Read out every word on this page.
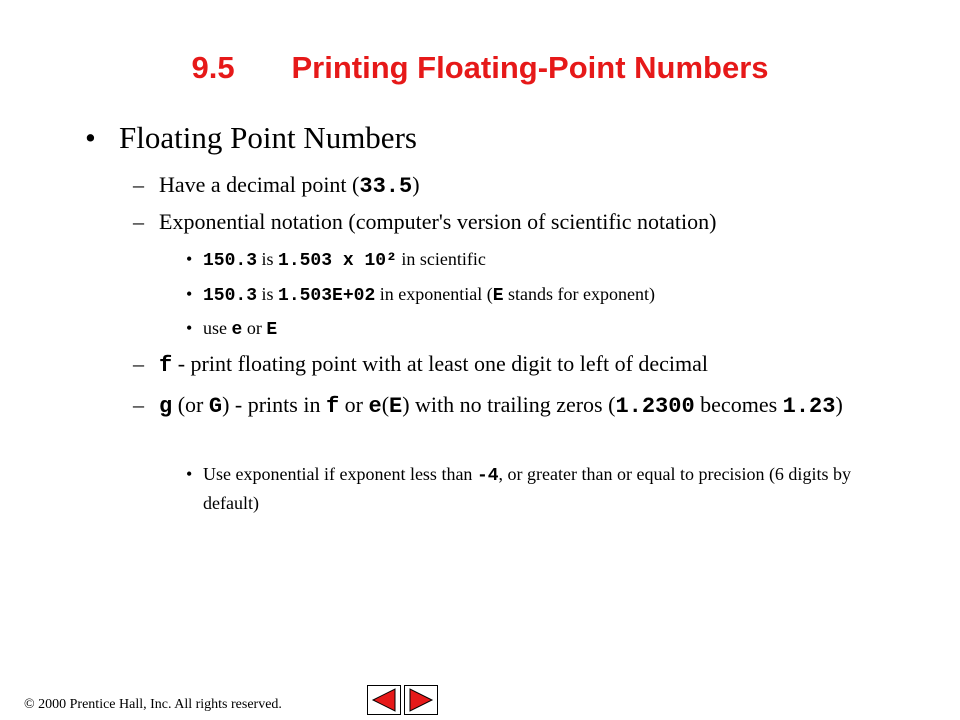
9.5 Printing Floating-Point Numbers
• Floating Point Numbers
– Have a decimal point (33.5)
– Exponential notation (computer's version of scientific notation)
• 150.3 is 1.503 x 10² in scientific
• 150.3 is 1.503E+02 in exponential (E stands for exponent)
• use e or E
– f - print floating point with at least one digit to left of decimal
– g (or G) - prints in f or e(E) with no trailing zeros (1.2300 becomes 1.23)
• Use exponential if exponent less than -4, or greater than or equal to precision (6 digits by default)
© 2000 Prentice Hall, Inc. All rights reserved.
